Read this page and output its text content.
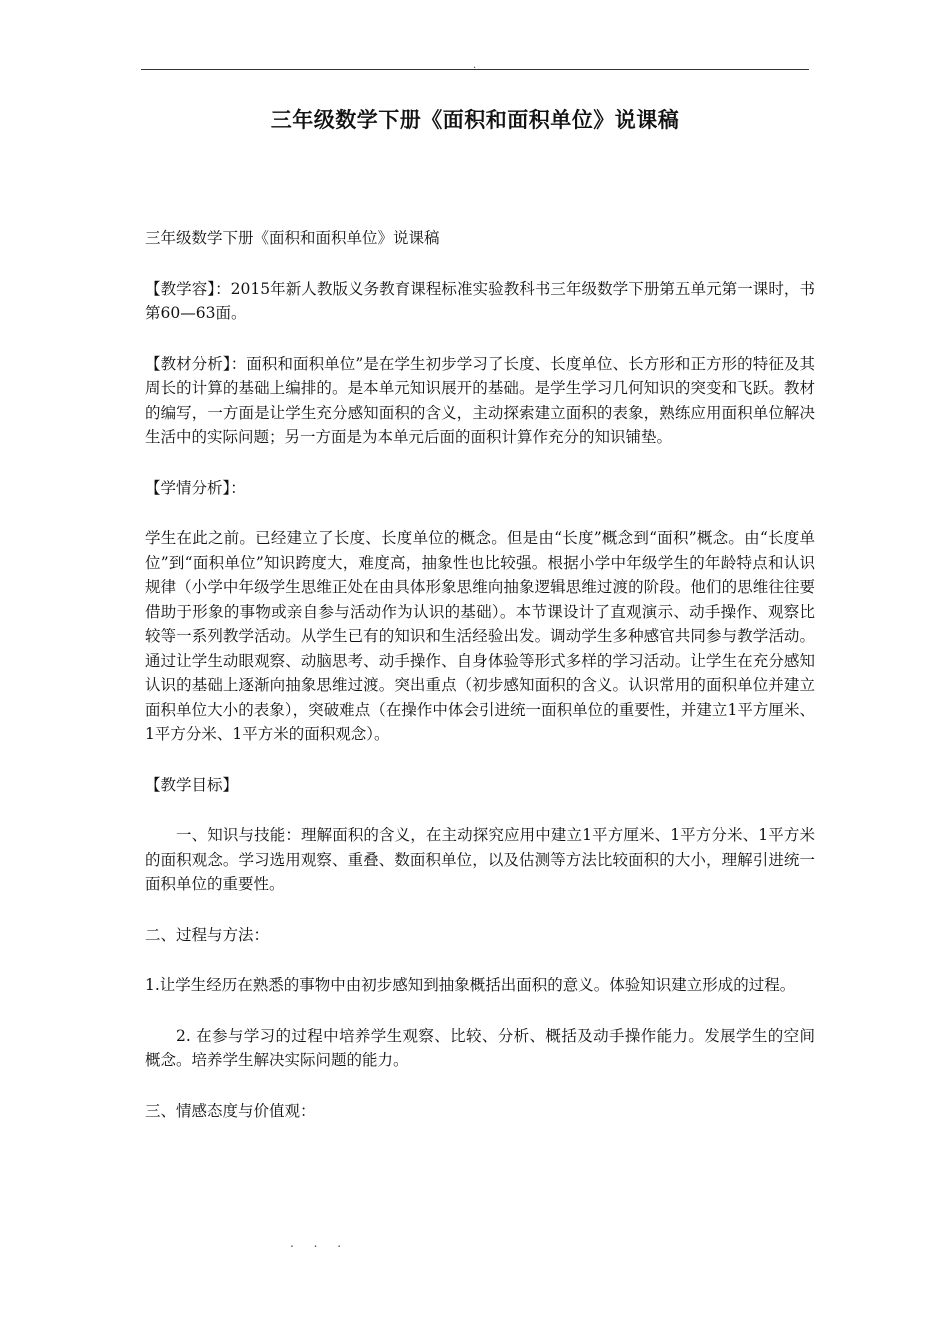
.
三年级数学下册《面积和面积单位》说课稿

三年级数学下册《面积和面积单位》说课稿

【教学容】：2015年新人教版义务教育课程标准实验教科书三年级数学下册第五单元第一课时，书第60—63面。

【教材分析】：面积和面积单位”是在学生初步学习了长度、长度单位、长方形和正方形的特征及其周长的计算的基础上编排的。是本单元知识展开的基础。是学生学习几何知识的突变和飞跃。教材的编写，一方面是让学生充分感知面积的含义，主动探索建立面积的表象，熟练应用面积单位解决生活中的实际问题；另一方面是为本单元后面的面积计算作充分的知识铺垫。

【学情分析】：

学生在此之前。已经建立了长度、长度单位的概念。但是由“长度”概念到“面积”概念。由“长度单位”到“面积单位”知识跨度大，难度高，抽象性也比较强。根据小学中年级学生的年龄特点和认识规律（小学中年级学生思维正处在由具体形象思维向抽象逻辑思维过渡的阶段。他们的思维往往要借助于形象的事物或亲自参与活动作为认识的基础）。本节课设计了直观演示、动手操作、观察比较等一系列教学活动。从学生已有的知识和生活经验出发。调动学生多种感官共同参与教学活动。通过让学生动眼观察、动脑思考、动手操作、自身体验等形式多样的学习活动。让学生在充分感知认识的基础上逐渐向抽象思维过渡。突出重点（初步感知面积的含义。认识常用的面积单位并建立面积单位大小的表象），突破难点（在操作中体会引进统一面积单位的重要性，并建立1平方厘米、1平方分米、1平方米的面积观念）。

【教学目标】

一、知识与技能：理解面积的含义，在主动探究应用中建立1平方厘米、1平方分米、1平方米的面积观念。学习选用观察、重叠、数面积单位，以及估测等方法比较面积的大小，理解引进统一面积单位的重要性。

二、过程与方法：

1.让学生经历在熟悉的事物中由初步感知到抽象概括出面积的意义。体验知识建立形成的过程。

2. 在参与学习的过程中培养学生观察、比较、分析、概括及动手操作能力。发展学生的空间概念。培养学生解决实际问题的能力。

三、情感态度与价值观：

. . .
